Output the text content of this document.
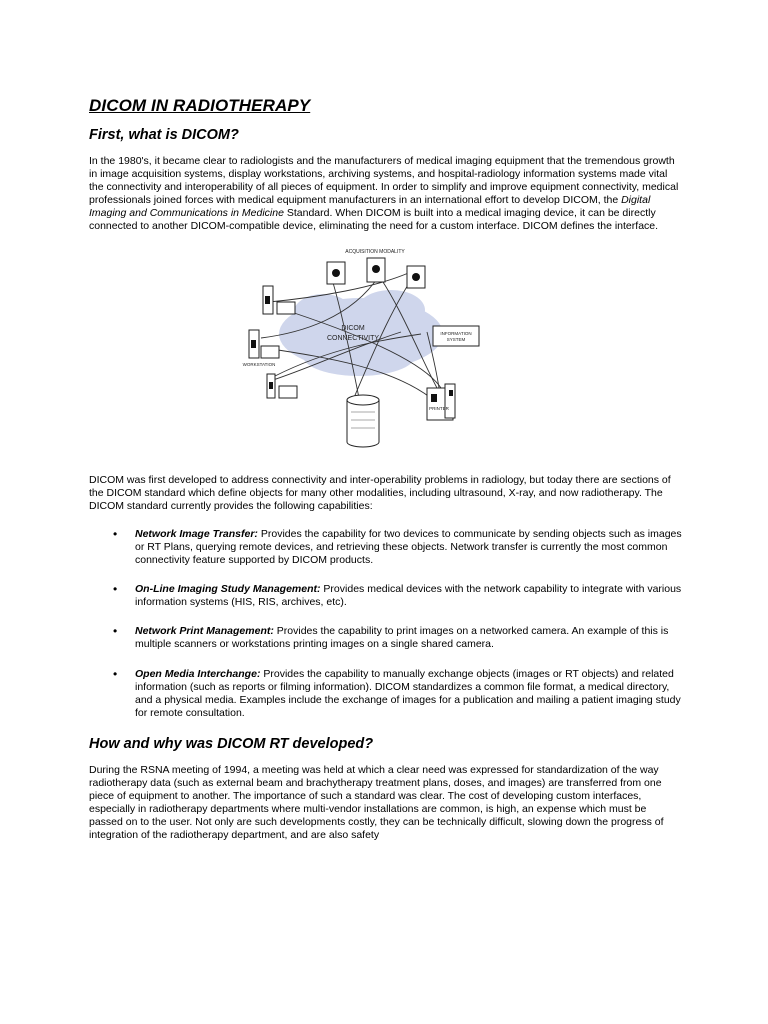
DICOM IN RADIOTHERAPY
First, what is DICOM?

In the 1980's, it became clear to radiologists and the manufacturers of medical imaging equipment that the tremendous growth in image acquisition systems, display workstations, archiving systems, and hospital-radiology information systems made vital the connectivity and interoperability of all pieces of equipment. In order to simplify and improve equipment connectivity, medical professionals joined forces with medical equipment manufacturers in an international effort to develop DICOM, the Digital Imaging and Communications in Medicine Standard. When DICOM is built into a medical imaging device, it can be directly connected to another DICOM-compatible device, eliminating the need for a custom interface. DICOM defines the interface.

DICOM
CONNECTIVITY
ACQUISITION MODALITY
WORKSTATION
INFORMATION
SYSTEM
PRINTER

DICOM was first developed to address connectivity and inter-operability problems in radiology, but today there are sections of the DICOM standard which define objects for many other modalities, including ultrasound, X-ray, and now radiotherapy. The DICOM standard currently provides the following capabilities:

• Network Image Transfer: Provides the capability for two devices to communicate by sending objects such as images or RT Plans, querying remote devices, and retrieving these objects. Network transfer is currently the most common connectivity feature supported by DICOM products.
• On-Line Imaging Study Management: Provides medical devices with the network capability to integrate with various information systems (HIS, RIS, archives, etc).
• Network Print Management: Provides the capability to print images on a networked camera. An example of this is multiple scanners or workstations printing images on a single shared camera.
• Open Media Interchange: Provides the capability to manually exchange objects (images or RT objects) and related information (such as reports or filming information). DICOM standardizes a common file format, a medical directory, and a physical media. Examples include the exchange of images for a publication and mailing a patient imaging study for remote consultation.
How and why was DICOM RT developed?

During the RSNA meeting of 1994, a meeting was held at which a clear need was expressed for standardization of the way radiotherapy data (such as external beam and brachytherapy treatment plans, doses, and images) are transferred from one piece of equipment to another. The importance of such a standard was clear. The cost of developing custom interfaces, especially in radiotherapy departments where multi-vendor installations are common, is high, an expense which must be passed on to the user. Not only are such developments costly, they can be technically difficult, slowing down the progress of integration of the radiotherapy department, and are also safety
